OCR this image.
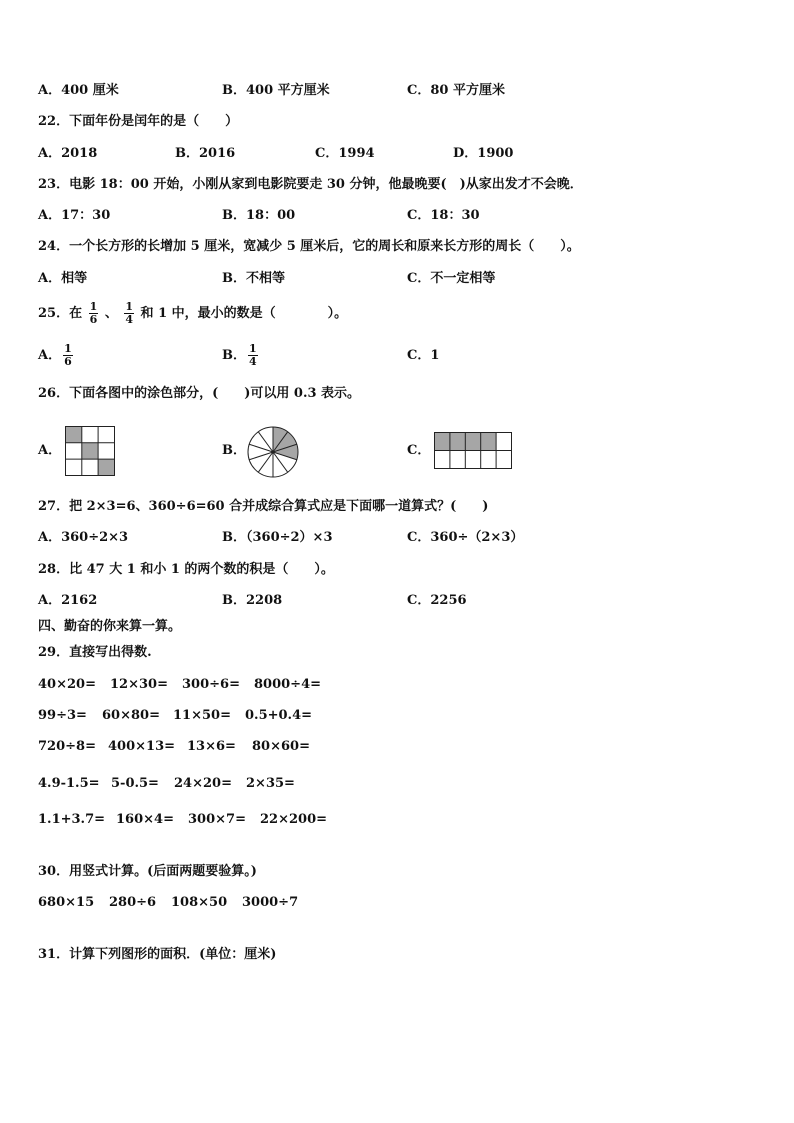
A．400 厘米	B．400 平方厘米	C．80 平方厘米
22．下面年份是闰年的是（　　）
A．2018	B．2016	C．1994	D．1900
23．电影 18：00 开始，小刚从家到电影院要走 30 分钟，他最晚要(　)从家出发才不会晚．
A．17：30	B．18：00	C．18：30
24．一个长方形的长增加 5 厘米，宽减少 5 厘米后，它的周长和原来长方形的周长（　　）。
A．相等	B．不相等	C．不一定相等
25．在 $\frac{1}{6}$ 、 $\frac{1}{4}$ 和 1 中，最小的数是（　　　　）。
A． $\frac{1}{6}$	B． $\frac{1}{4}$	C．1
26．下面各图中的涂色部分，(　　)可以用 0.3 表示。
A．	B．	C．
27．把 2×3=6、360÷6=60 合并成综合算式应是下面哪一道算式？(　　)
A．360÷2×3	B．（360÷2）×3	C．360÷（2×3）
28．比 47 大 1 和小 1 的两个数的积是（　　）。
A．2162	B．2208	C．2256
四、勤奋的你来算一算。
29．直接写出得数.
40×20= 12×30= 300÷6= 8000÷4=
99÷3= 60×80= 11×50= 0.5+0.4=
720÷8= 400×13= 13×6= 80×60=
4.9-1.5= 5-0.5= 24×20= 2×35=
1.1+3.7= 160×4= 300×7= 22×200=
30．用竖式计算。(后面两题要验算。)
680×15 280÷6 108×50 3000÷7
31．计算下列图形的面积．(单位：厘米)
